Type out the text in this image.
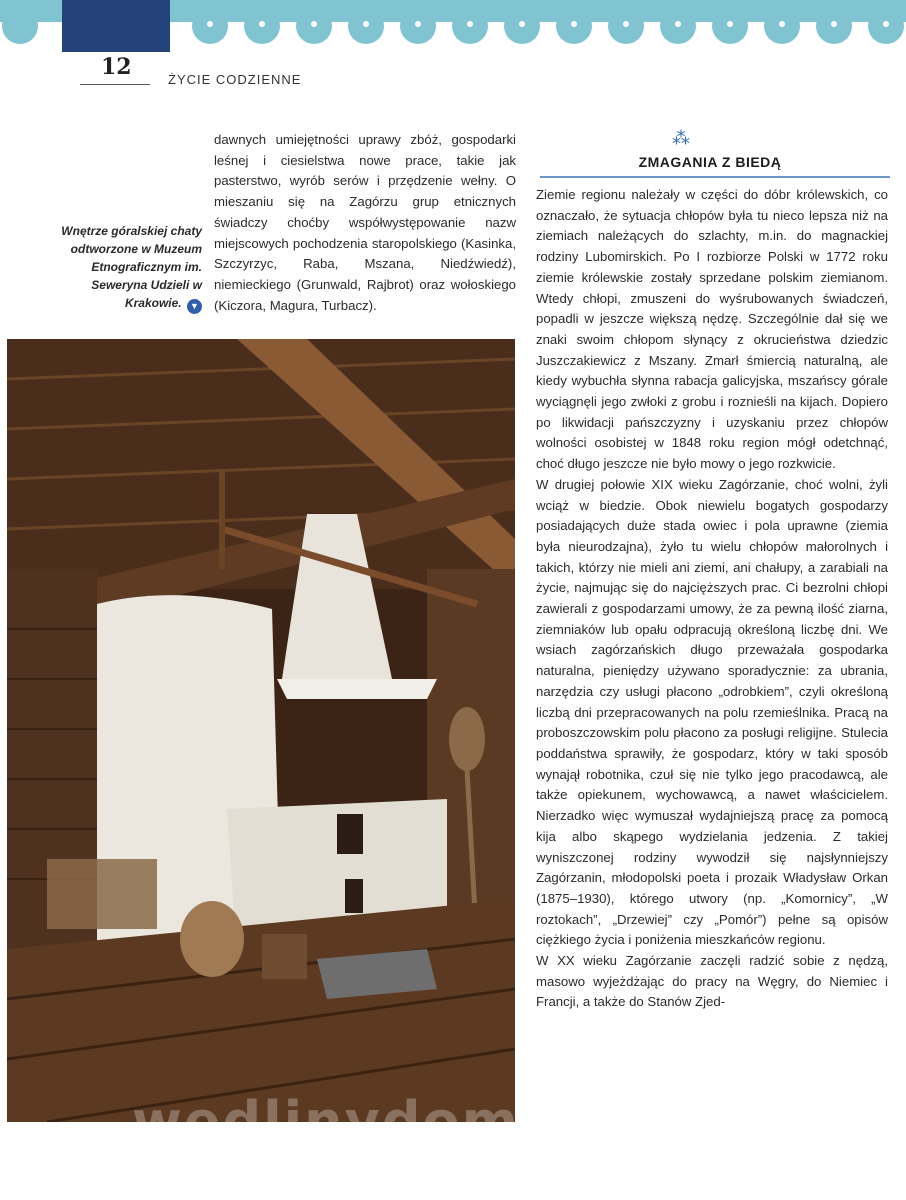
12	ŻYCIE CODZIENNE
Wnętrze góralskiej chaty odtworzone w Muzeum Etnograficznym im. Seweryna Udzieli w Krakowie. ▼
dawnych umiejętności uprawy zbóż, gospodarki leśnej i ciesielstwa nowe prace, takie jak pasterstwo, wyrób serów i przędzenie wełny. O mieszaniu się na Zagórzu grup etnicznych świadczy choćby współwystępowanie nazw miejscowych pochodzenia staropolskiego (Kasinka, Szczyrzyc, Raba, Mszana, Niedźwiedź), niemieckiego (Grunwald, Rajbrot) oraz wołoskiego (Kiczora, Magura, Turbacz).
⁂
ZMAGANIA Z BIEDĄ

Ziemie regionu należały w części do dóbr królewskich, co oznaczało, że sytuacja chłopów była tu nieco lepsza niż na ziemiach należących do szlachty, m.in. do magnackiej rodziny Lubomirskich. Po I rozbiorze Polski w 1772 roku ziemie królewskie zostały sprzedane polskim ziemianom. Wtedy chłopi, zmuszeni do wyśrubowanych świadczeń, popadli w jeszcze większą nędzę. Szczególnie dał się we znaki swoim chłopom słynący z okrucieństwa dziedzic Juszczakiewicz z Mszany. Zmarł śmiercią naturalną, ale kiedy wybuchła słynna rabacja galicyjska, mszańscy górale wyciągnęli jego zwłoki z grobu i roznieśli na kijach. Dopiero po likwidacji pańszczyzny i uzyskaniu przez chłopów wolności osobistej w 1848 roku region mógł odetchnąć, choć długo jeszcze nie było mowy o jego rozkwicie.

W drugiej połowie XIX wieku Zagórzanie, choć wolni, żyli wciąż w biedzie. Obok niewielu bogatych gospodarzy posiadających duże stada owiec i pola uprawne (ziemia była nieurodzajna), żyło tu wielu chłopów małorolnych i takich, którzy nie mieli ani ziemi, ani chałupy, a zarabiali na życie, najmując się do najcięższych prac. Ci bezrolni chłopi zawierali z gospodarzami umowy, że za pewną ilość ziarna, ziemniaków lub opału odpracują określoną liczbę dni. We wsiach zagórzańskich długo przeważała gospodarka naturalna, pieniędzy używano sporadycznie: za ubrania, narzędzia czy usługi płacono „odrobkiem”, czyli określoną liczbą dni przepracowanych na polu rzemieślnika. Pracą na proboszczowskim polu płacono za posługi religijne. Stulecia poddaństwa sprawiły, że gospodarz, który w taki sposób wynajął robotnika, czuł się nie tylko jego pracodawcą, ale także opiekunem, wychowawcą, a nawet właścicielem. Nierzadko więc wymuszał wydajniejszą pracę za pomocą kija albo skąpego wydzielania jedzenia. Z takiej wyniszczonej rodziny wywodził się najsłynniejszy Zagórzanin, młodopolski poeta i prozaik Władysław Orkan (1875–1930), którego utwory (np. „Komornicy”, „W roztokach”, „Drzewiej” czy „Pomór”) pełne są opisów ciężkiego życia i poniżenia mieszkańców regionu.

W XX wieku Zagórzanie zaczęli radzić sobie z nędzą, masowo wyjeżdżając do pracy na Węgry, do Niemiec i Francji, a także do Stanów Zjed-

wedlinydomowe.pl
